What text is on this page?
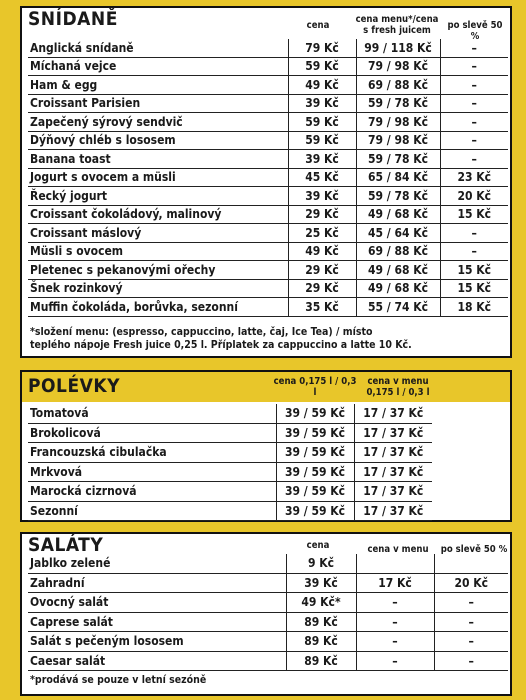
SNÍDANĚ	cena
cena menu*/cena s fresh juicem	po slevě 50 %
Anglická snídaně	79 Kč	99 / 118 Kč	–
Míchaná vejce	59 Kč	79 / 98 Kč	–
Ham & egg	49 Kč	69 / 88 Kč	–
Croissant Parisien	39 Kč	59 / 78 Kč	–
Zapečený sýrový sendvič	59 Kč	79 / 98 Kč	–
Dýňový chléb s lososem	59 Kč	79 / 98 Kč	–
Banana toast	39 Kč	59 / 78 Kč	–
Jogurt s ovocem a müsli	45 Kč	65 / 84 Kč	23 Kč
Řecký jogurt	39 Kč	59 / 78 Kč	20 Kč
Croissant čokoládový, malinový	29 Kč	49 / 68 Kč	15 Kč
Croissant máslový	25 Kč	45 / 64 Kč	–
Müsli s ovocem	49 Kč	69 / 88 Kč	–
Pletenec s pekanovými ořechy	29 Kč	49 / 68 Kč	15 Kč
Šnek rozinkový	29 Kč	49 / 68 Kč	15 Kč
Muffin čokoláda, borůvka, sezonní	35 Kč	55 / 74 Kč	18 Kč
*složení menu: (espresso, cappuccino, latte, čaj, Ice Tea) / místo
teplého nápoje Fresh juice 0,25 l. Příplatek za cappuccino a latte 10 Kč.
POLÉVKY	cena 0,175 l / 0,3 l
cena v menu 0,175 l / 0,3 l
Tomatová	39 / 59 Kč	17 / 37 Kč
Brokolicová	39 / 59 Kč	17 / 37 Kč
Francouzská cibulačka	39 / 59 Kč	17 / 37 Kč
Mrkvová	39 / 59 Kč	17 / 37 Kč
Marocká cizrnová	39 / 59 Kč	17 / 37 Kč
Sezonní	39 / 59 Kč	17 / 37 Kč
SALÁTY	cena	cena v menu	po slevě 50 %
Jablko zelené	9 Kč		
Zahradní	39 Kč	17 Kč	20 Kč
Ovocný salát	49 Kč*	–	–
Caprese salát	89 Kč	–	–
Salát s pečeným lososem	89 Kč	–	–
Caesar salát	89 Kč	–	–
*prodává se pouze v letní sezóně
